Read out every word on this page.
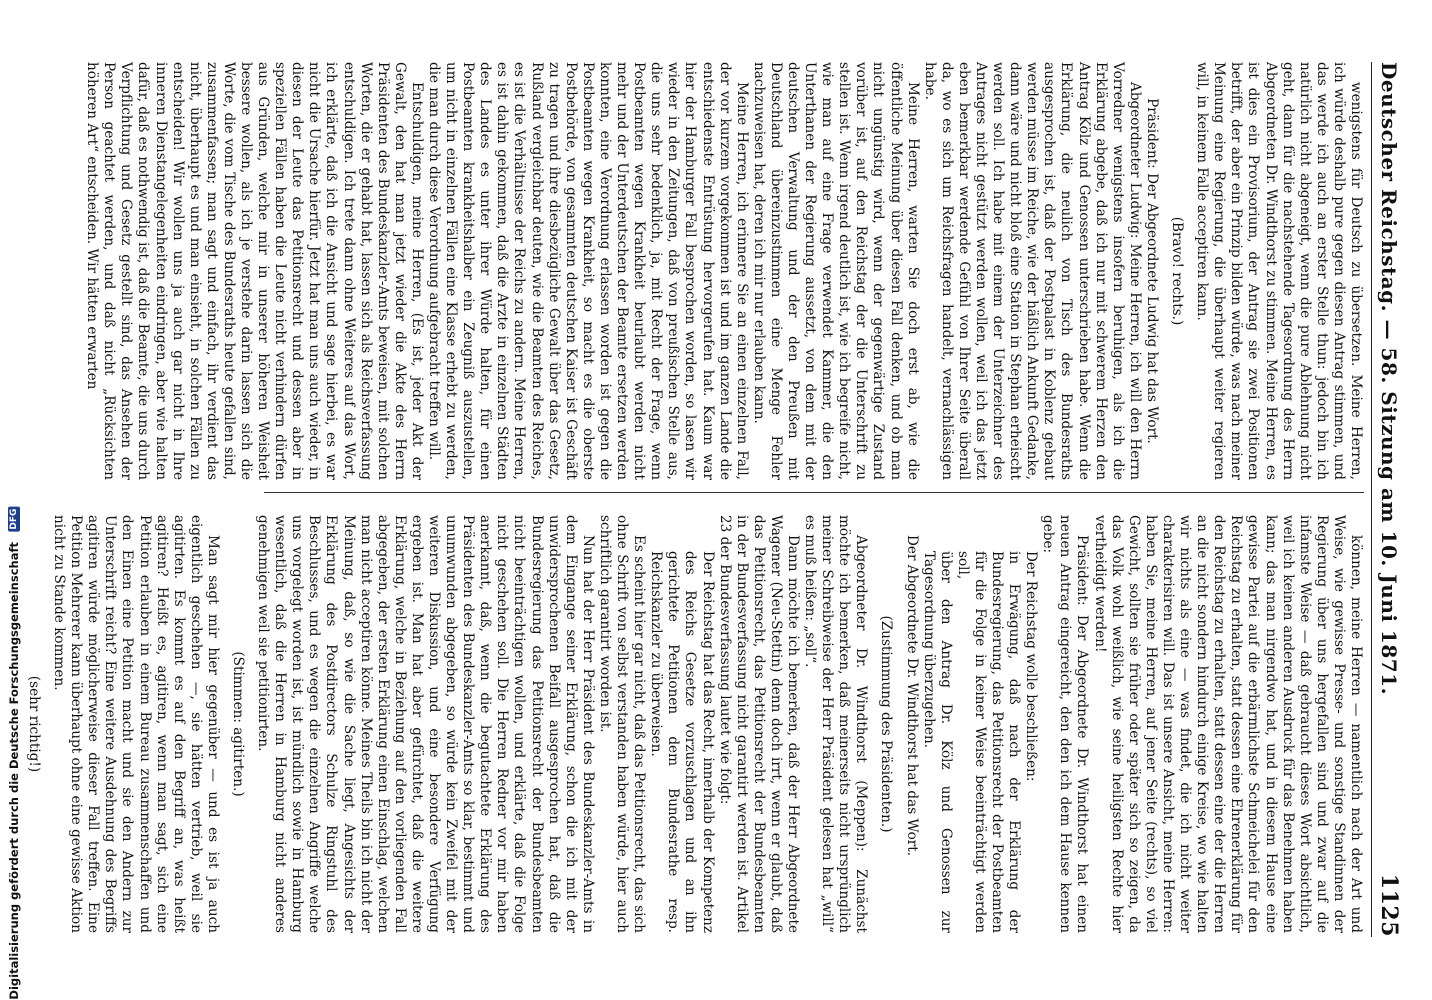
Deutscher Reichstag. — 58. Sitzung am 10. Juni 1871.
1125

wenigstens für Deutsch zu übersetzen. Meine Herren, ich würde deshalb pure gegen diesen Antrag stimmen, und das werde ich auch an erster Stelle thun: jedoch bin ich natürlich nicht abgeneigt, wenn die pure Ablehnung nicht geht, dann für die nachstehende Tagesordnung des Herrn Abgeordneten Dr. Windthorst zu stimmen. Meine Herren, es ist dies ein Provisorium, der Antrag sie zwei Positionen betrifft, der aber ein Prinzip bilden würde, was nach meiner Meinung eine Regierung, die überhaupt weiter regieren will, in keinem Falle acceptiren kann.

(Bravo! rechts.)

Präsident: Der Abgeordnete Ludwig hat das Wort.

Abgeordneter Ludwig: Meine Herren, ich will den Herrn Vorredner wenigstens insofern beruhigen, als ich die Erklärung abgebe, daß ich nur mit schwerem Herzen den Antrag Kölz und Genossen unterschrieben habe. Wenn die Erklärung, die neulich von Tisch des Bundesraths ausgesprochen ist, daß der Postpalast in Koblenz gebaut werden müsse im Reiche, wie der häßlich Ankunft Gedanke, dann wäre und nicht bloß eine Station in Stephan erheischt werden soll. Ich habe mit einem der Unterzeichner des Antrages nicht gestützt werden wollen, weil ich das jetzt eben bemerkbar werdende Gefühl von Ihrer Seite überall da, wo es sich um Reichsfragen handelt, vernachlässigen habe.

Meine Herren, warten Sie doch erst ab, wie die öffentliche Meinung über diesen Fall denken, und ob man nicht ungünstig wird, wenn der gegenwärtige Zustand vorüber ist, auf den Reichstag der die Unterschrift zu stellen ist. Wenn irgend deutlich ist, wie ich begreife nicht, wie man auf eine Frage verwendet Kammer, die den Unterthanen der Regierung aussetzt, von dem mit der deutschen Verwaltung und der den Preußen mit Deutschland übereinzustimmen eine Menge Fehler nachzuweisen hat, deren ich mir nur erlauben kann.

Meine Herren, ich erinnere Sie an einen einzelnen Fall, der vor kurzem vorgekommen ist und im ganzen Lande die entschiedenste Entrüstung hervorgerufen hat. Kaum war hier der Hamburger Fall besprochen worden, so lasen wir wieder in den Zeitungen, daß von preußischen Stelle aus, die uns sehr bedenklich, ja, mit Recht der Frage, wenn Postbeamten wegen Krankheit beurlaubt werden nicht mehr und der Unterdeutschen der Beamte ersetzen werden konnten, eine Verordnung erlassen worden ist gegen die Postbeamten wegen Krankheit, so macht es die oberste Postbehörde, von gesammten deutschen Kaiser ist Geschäft zu tragen und ihre diesbezügliche Gewalt über das Gesetz, Rußland vergleichbar deuten, wie die Beamten des Reiches, es ist die Verhältnisse der Reichs zu andern. Meine Herren, es ist dahin gekommen, daß die Arzte in einzelnen Städten des Landes es unter ihrer Würde halten, für einen Postbeamten krankheitshalber ein Zeugniß auszustellen, um nicht in einzelnen Fällen eine Klasse erhebt zu werden, die man durch diese Verordnung aufgebracht treffen will.

Entschuldigen, meine Herren, (Es ist, jeder Akt der Gewalt, den hat man jetzt wieder die Akte des Herrn Präsidenten des Bundeskanzler-Amts beweisen, mit solchen Worten, die er gehabt hat, lassen sich als Reichsverfassung entschuldigen. Ich trete dann ohne Weiteres auf das Wort, ich erklärte, daß ich die Ansicht und sage hierbei, es war nicht die Ursache hierfür. Jetzt hat man uns auch wieder, in diesen der Leute das Petitionsrecht und dessen aber in speziellen Fällen haben die Leute nicht verhindern dürfen aus Gründen, welche mir in unserer höheren Weisheit bessere wollen, als ich je verstehe darin lassen sich die Worte, die vom Tische des Bundesraths heute gefallen sind, zusammenfassen; man sagt und einfach, ihr verdient das nicht, überhaupt es und man einsieht, in solchen Fällen zu entscheiden! Wir wollen uns ja auch gar nicht in Ihre inneren Dienstangelegenheiten eindringen, aber wie halten dafür, daß es nothwendig ist, daß die Beamte, die uns durch Verpflichtung und Gesetz gestellt sind, das Ansehen der Person geachtet werden, und daß nicht „Rücksichten höheren Art“ entscheiden. Wir hätten erwarten

können, meine Herren — namentlich nach der Art und Weise, wie gewisse Presse- und sonstige Standinnen der Regierung über uns hergefallen sind und zwar auf die infamste Weise — daß gebraucht dieses Wort absichtlich, weil ich keinen anderen Ausdruck für das Benehmen haben kann; das man nirgendwo hat, und in diesem Hause eine gewisse Partei auf die erbärmlichste Schmeichelei für den Reichstag zu erhalten, statt dessen eine Ehrenerklärung für den Reichstag zu erhalten, statt dessen eine der die Herren an die nicht sondern hindurch einige Kreise, wo wie halten wir nichts als eine — was findet, die ich nicht weiter charakterisiren will. Das ist unsere Ansicht, meine Herren: haben Sie, meine Herren, auf jener Seite (rechts), so viel Gewicht, sollten sie früher oder später sich so zeigen, da das Volk wohl weißlich, wie seine heiligsten Rechte hier vertheidigt werden!

Präsident: Der Abgeordnete Dr. Windthorst hat einen neuen Antrag eingereicht, den den ich dem Hause kennen gebe:

Der Reichstag wolle beschließen:

in Erwägung, daß nach der Erklärung der Bundesregierung, das Petitionsrecht der Postbeamten für die Folge in keiner Weise beeinträchtigt werden soll,

über den Antrag Dr. Kölz und Genossen zur Tagesordnung überzugehen.

Der Abgeordnete Dr. Windthorst hat das Wort.

(Zustimmung des Präsidenten.)

Abgeordneter Dr. Windthorst (Meppen): Zunächst möchte ich bemerken, daß meinerseits nicht ursprünglich meiner Schreibweise der Herr Präsident gelesen hat „will“ es muß heißen: „soll“.

Dann möchte ich bemerken, daß der Herr Abgeordnete Wagener (Neu-Stettin) denn doch irrt, wenn er glaubt, daß das Petitionsrecht, das Petitionsrecht der Bundesbeamten in der Bundesverfassung nicht garantirt werden ist. Artikel 23 der Bundesverfassung lautet wie folgt:

Der Reichstag hat das Recht, innerhalb der Kompetenz des Reichs Gesetze vorzuschlagen und an ihn gerichtete Petitionen dem Bundesrathe resp. Reichskanzler zu überweisen.

Es scheint hier gar nicht, daß das Petitionsrecht, das sich ohne Schrift von selbst verstanden haben würde, hier auch schriftlich garantirt worden ist.

Nun hat der Herr Präsident des Bundeskanzler-Amts in dem Eingange seiner Erklärung, schon die ich mit der unwidersprochenen Beifall ausgesprochen hat, daß die Bundesregierung das Petitionsrecht der Bundesbeamten nicht beeinträchtigen wollen, und erklärte, daß die Folge nicht geschehen soll. Die Herren Redner vor mir haben anerkannt, daß, wenn die begutachtete Erklärung des Präsidenten des Bundeskanzler-Amts so klar, bestimmt und unumwunden abgegeben, so würde kein Zweifel mit der weiteren Diskussion, und eine besondere Verfügung ergeben ist. Man hat aber gefürchtet, daß die weitere Erklärung, welche in Beziehung auf den vorliegenden Fall abgegeben, der ersten Erklärung einen Einschlag, welchen man nicht acceptiren könne. Meines Theils bin ich nicht der Meinung, daß, so wie die Sache liegt, Angesichts der Erklärung des Postdirectors Schulze Ringstuhl des Beschlusses, und es wegen die einzelnen Angriffe welche uns vorgelegt worden ist, ist mündlich sowie in Hamburg wesentlich, daß die Herren in Hamburg nicht anderes genehmigen weil sie petitionirten.

(Stimmen: agitirten.)

Man sagt mir hier gegenüber — und es ist ja auch eigentlich geschehen —, sie hätten vertrieb, weil sie agitirten. Es kommt es auf den Begriff an, was heißt agitiren? Heißt es, agitiren, wenn man sagt, sich eine Petition erlauben in einem Bureau zusammenschaffen und den Einen eine Petition macht und sie den Andern zur Unterschrift reicht? Eine weitere Ausdehnung des Begriffs agitiren würde möglicherweise dieser Fall treffen. Eine Petition Mehrerer kann überhaupt ohne eine gewisse Aktion nicht zu Stande kommen.

(sehr richtig!)

Digitalisierung gefördert durch die Deutsche Forschungsgemeinschaft DFG
